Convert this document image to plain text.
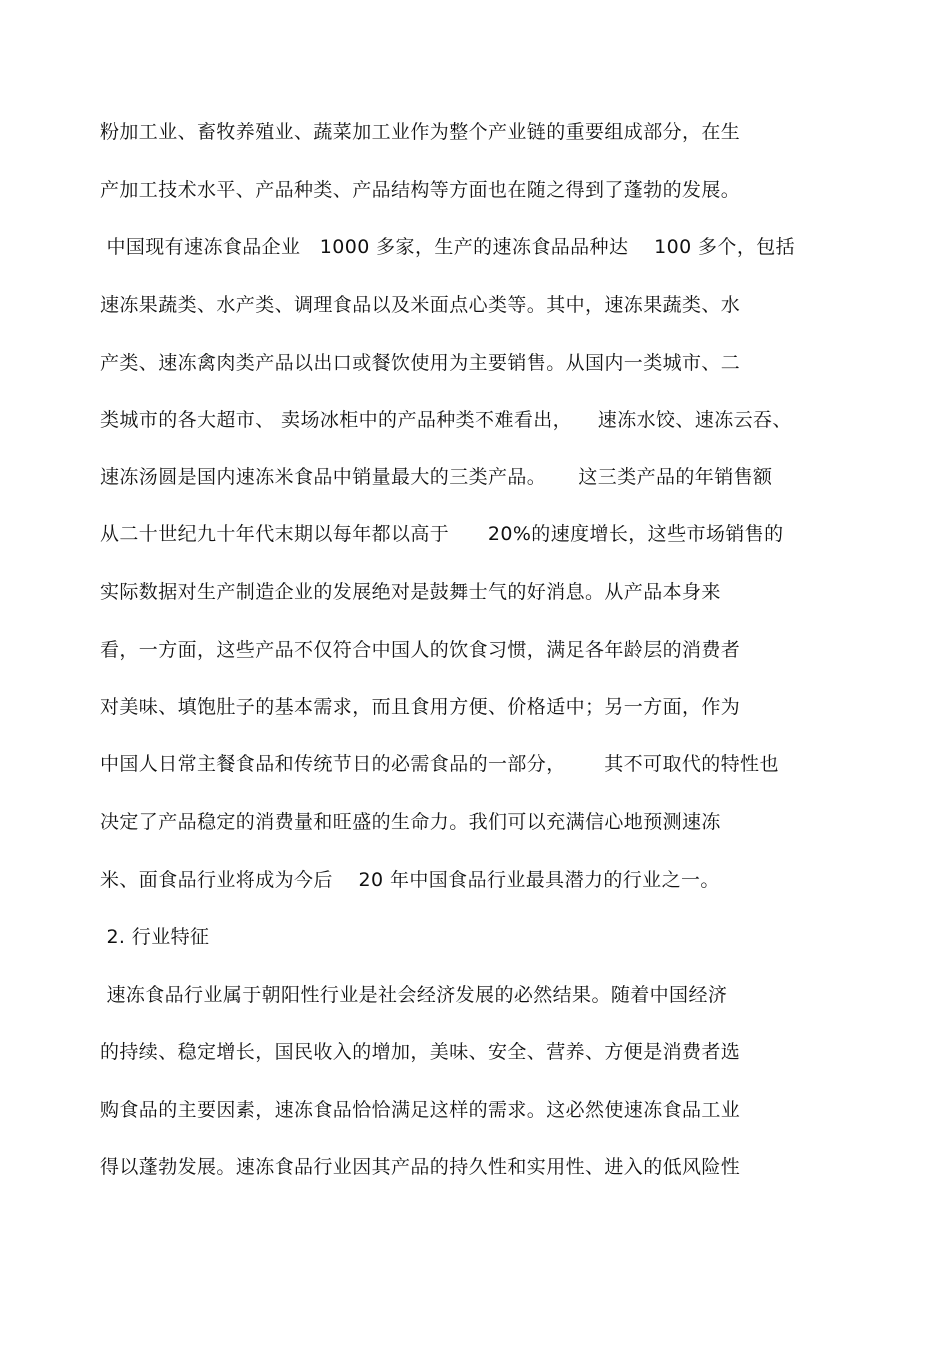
粉加工业、畜牧养殖业、蔬菜加工业作为整个产业链的重要组成部分，在生
产加工技术水平、产品种类、产品结构等方面也在随之得到了蓬勃的发展。
中国现有速冻食品企业   1000 多家，生产的速冻食品品种达    100 多个，包括
速冻果蔬类、水产类、调理食品以及米面点心类等。其中，速冻果蔬类、水
产类、速冻禽肉类产品以出口或餐饮使用为主要销售。从国内一类城市、二
类城市的各大超市、 卖场冰柜中的产品种类不难看出，    速冻水饺、速冻云吞、
速冻汤圆是国内速冻米食品中销量最大的三类产品。     这三类产品的年销售额
从二十世纪九十年代末期以每年都以高于      20%的速度增长，这些市场销售的
实际数据对生产制造企业的发展绝对是鼓舞士气的好消息。从产品本身来
看，一方面，这些产品不仅符合中国人的饮食习惯，满足各年龄层的消费者
对美味、填饱肚子的基本需求，而且食用方便、价格适中；另一方面，作为
中国人日常主餐食品和传统节日的必需食品的一部分，      其不可取代的特性也
决定了产品稳定的消费量和旺盛的生命力。我们可以充满信心地预测速冻
米、面食品行业将成为今后    20 年中国食品行业最具潜力的行业之一。
2. 行业特征
速冻食品行业属于朝阳性行业是社会经济发展的必然结果。随着中国经济
的持续、稳定增长，国民收入的增加，美味、安全、营养、方便是消费者选
购食品的主要因素，速冻食品恰恰满足这样的需求。这必然使速冻食品工业
得以蓬勃发展。速冻食品行业因其产品的持久性和实用性、进入的低风险性
